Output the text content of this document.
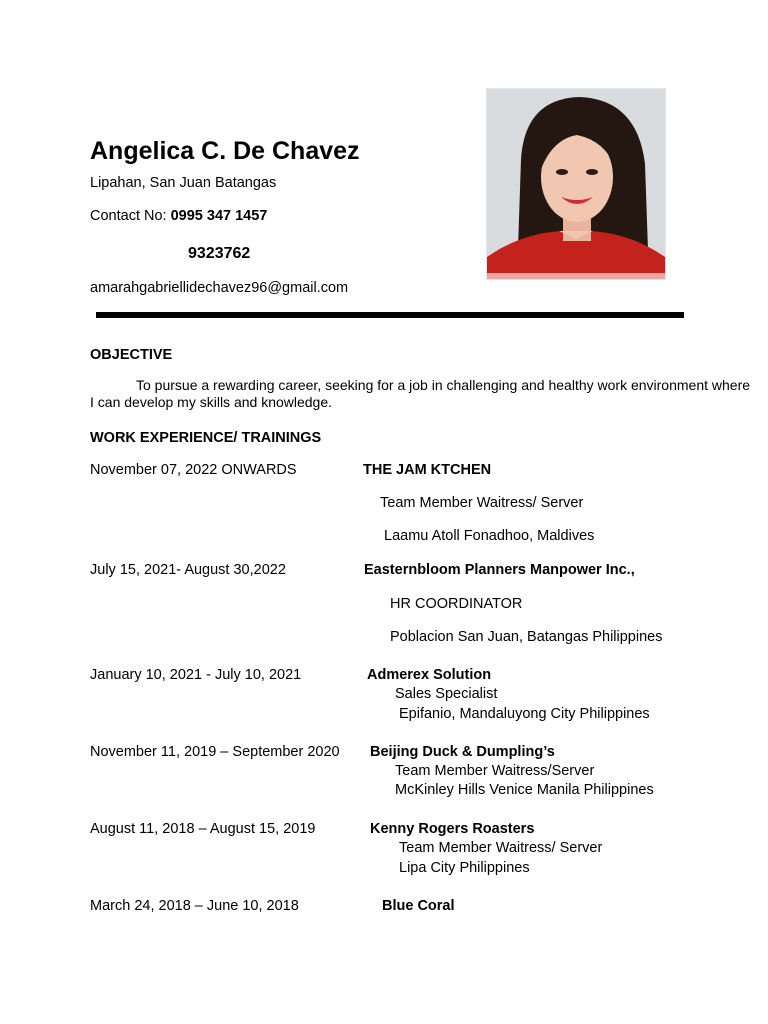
Angelica C. De Chavez
Lipahan, San Juan Batangas
Contact No: 0995 347 1457
9323762
amarahgabriellidechavez96@gmail.com
OBJECTIVE
To pursue a rewarding career, seeking for a job in challenging and healthy work environment where I can develop my skills and knowledge.
WORK EXPERIENCE/ TRAININGS
November 07, 2022 ONWARDS	THE JAM KTCHEN
Team Member Waitress/ Server
Laamu Atoll Fonadhoo, Maldives
July 15, 2021- August 30,2022	Easternbloom Planners Manpower Inc.,
HR COORDINATOR
Poblacion San Juan, Batangas Philippines
January 10, 2021 - July 10, 2021	Admerex Solution
Sales Specialist
Epifanio, Mandaluyong City Philippines
November 11, 2019 – September 2020 Beijing Duck & Dumpling’s
Team Member Waitress/Server
McKinley Hills Venice Manila Philippines
August 11, 2018 – August 15, 2019	Kenny Rogers Roasters
Team Member Waitress/ Server
Lipa City Philippines
March 24, 2018 – June 10, 2018	Blue Coral
